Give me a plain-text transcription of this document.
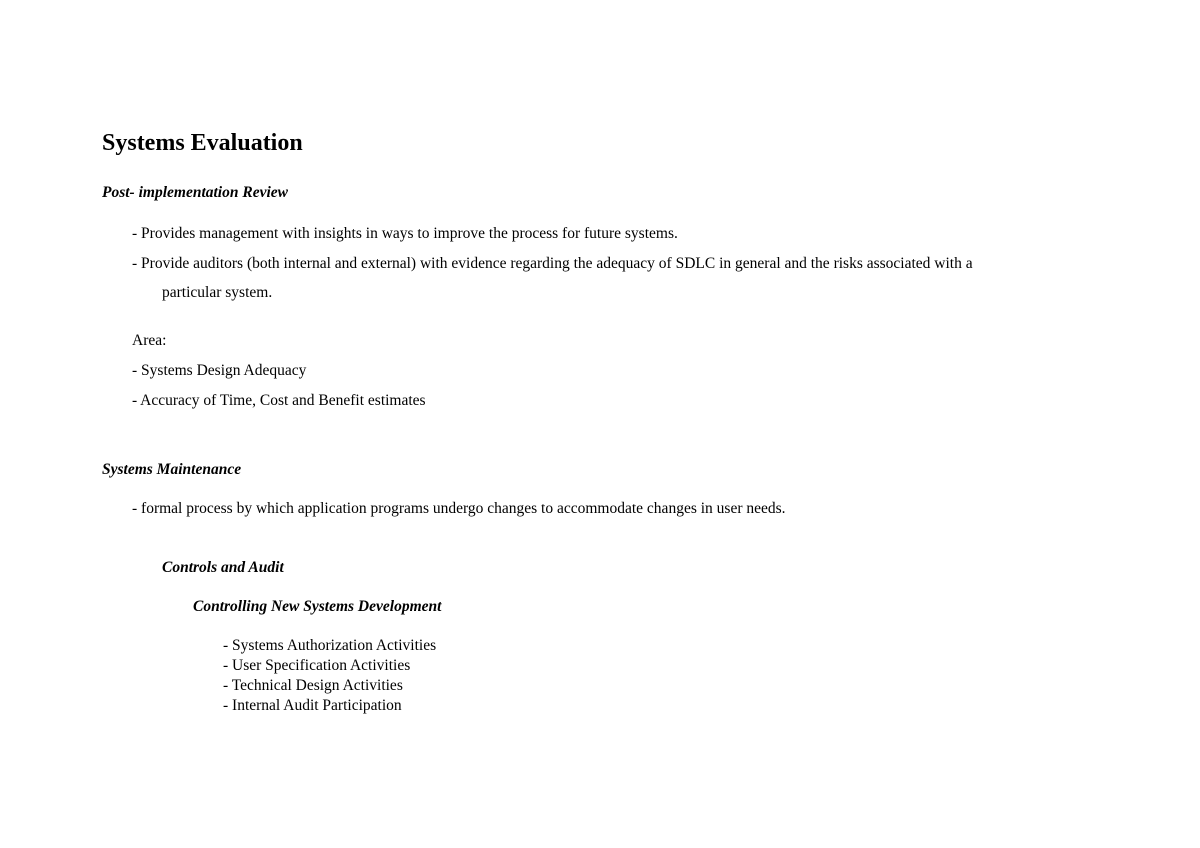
Systems Evaluation
Post- implementation Review
- Provides management with insights in ways to improve the process for future systems.
- Provide auditors (both internal and external) with evidence regarding the adequacy of SDLC in general and the risks associated with a
particular system.
Area:
- Systems Design Adequacy
- Accuracy of Time, Cost and Benefit estimates
Systems Maintenance
- formal process by which application programs undergo changes to accommodate changes in user needs.
Controls and Audit
Controlling New Systems Development
- Systems Authorization Activities
- User Specification Activities
- Technical Design Activities
- Internal Audit Participation
